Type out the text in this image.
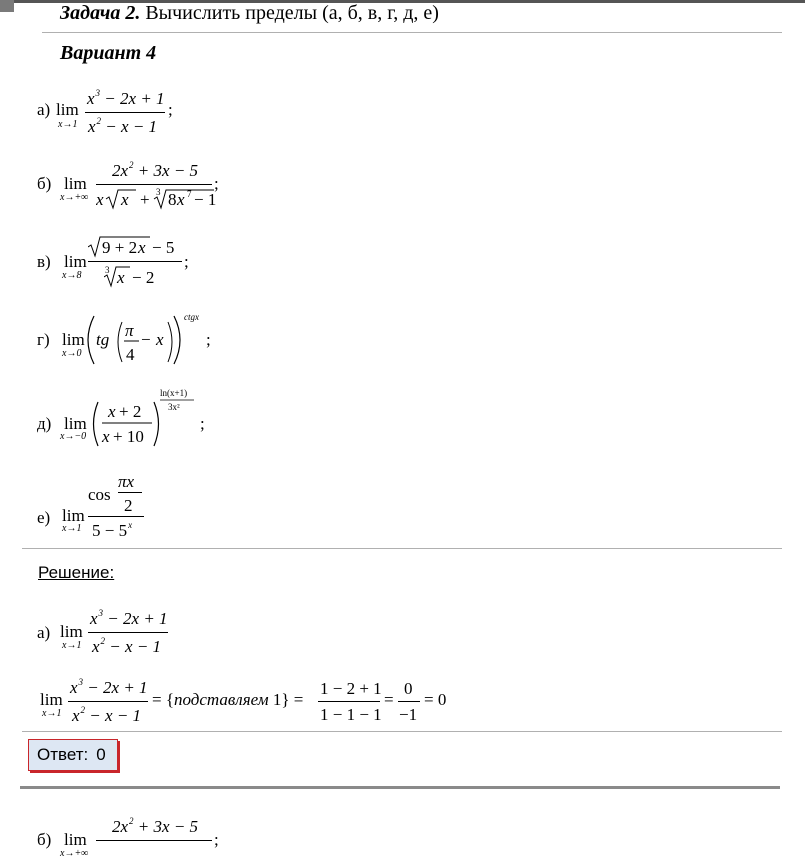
Задача 2. Вычислить пределы (а, б, в, г, д, е)
Вариант 4
а) lim
x→1
$x^3 - 2x + 1$
$x^2 - x - 1$
;
б) lim
x→+∞
$2x^2 + 3x - 5$
x x + 3 8 x 7 − 1
;
в) lim
x→8
9 + 2 x − 5
3 x − 2
;
г) lim
x→0
tg π
4
− x
ctgx
;
д) lim
x→−0
x + 2
x + 10
ln(x+1)
3x²
;
е) lim
x→1
cos
πx
2
$5 - 5^x$
Решение:
а) lim
x→1
$x^3 - 2x + 1$
$x^2 - x - 1$
lim
x→1
$x^3 - 2x + 1$
$x^2 - x - 1$
= {подставляем 1} =
1 − 2 + 1
1 − 1 − 1
=
0
−1
= 0
Ответ: 0
б) lim
x→+∞
$2x^2 + 3x - 5$
;
